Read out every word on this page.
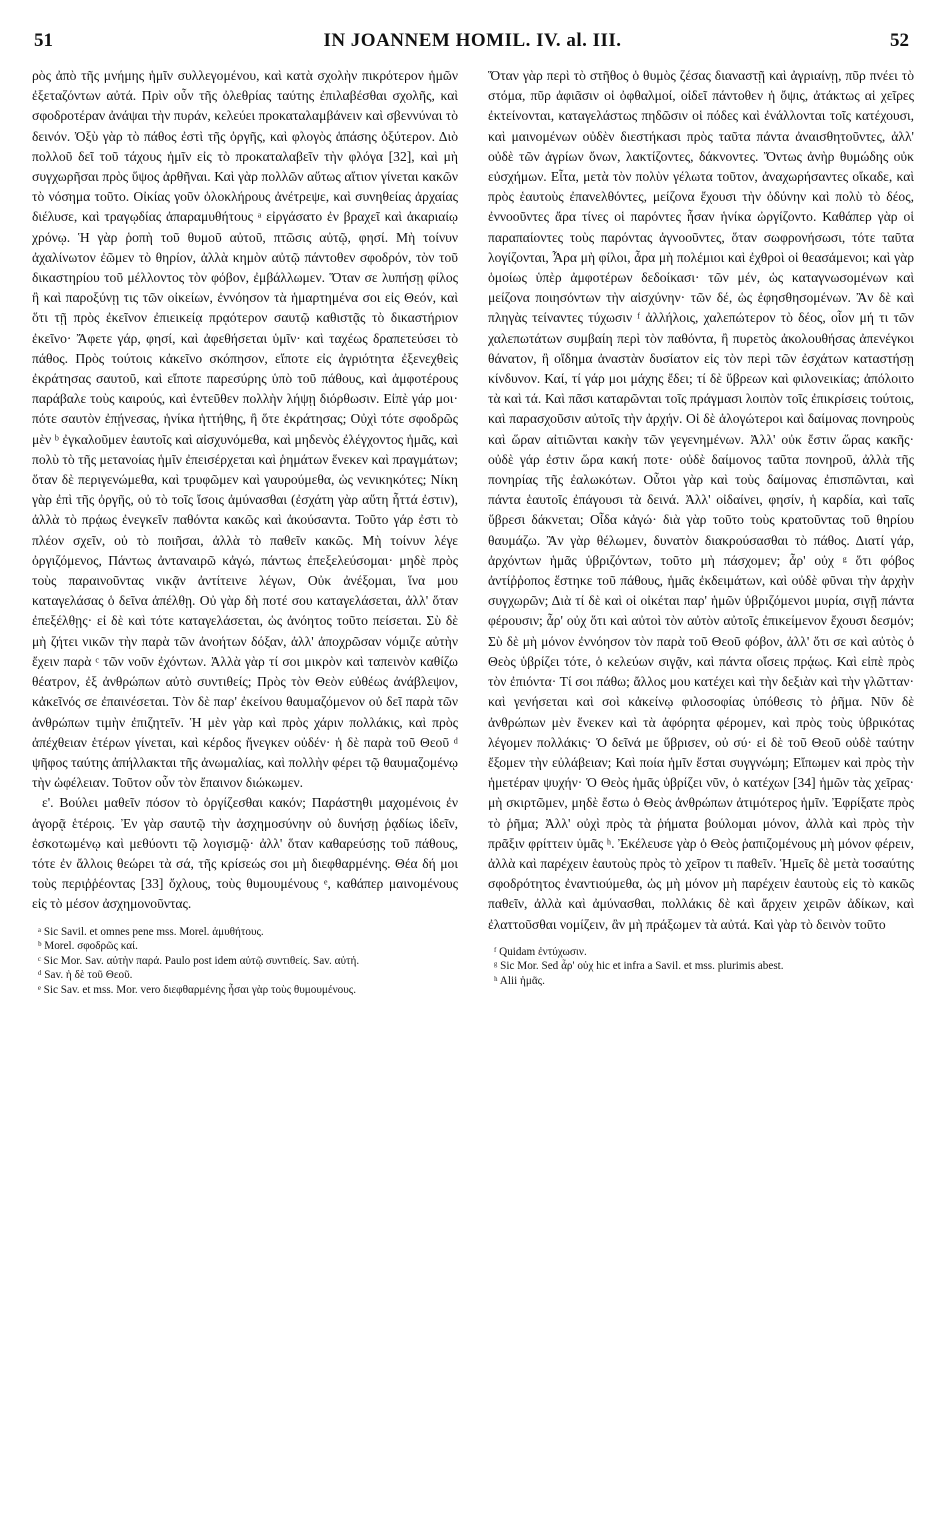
51	IN JOANNEM HOMIL. IV. al. III.	52

ρὸς ἀπὸ τῆς μνήμης ἡμῖν συλλεγομένου, καὶ κατὰ σχολὴν πικρότερον ἡμῶν ἐξεταζόντων αὐτά. Πρὶν οὖν τῆς ὀλεθρίας ταύτης ἐπιλαβέσθαι σχολῆς, καὶ σφοδροτέραν ἀνάψαι τὴν πυράν, κελεύει προκαταλαμβάνειν καὶ σβεννύναι τὸ δεινόν. Ὀξὺ γὰρ τὸ πάθος ἐστὶ τῆς ὀργῆς, καὶ φλογὸς ἁπάσης ὀξύτερον. Διὸ πολλοῦ δεῖ τοῦ τάχους ἡμῖν εἰς τὸ προκαταλαβεῖν τὴν φλόγα [32], καὶ μὴ συγχωρῆσαι πρὸς ὕψος ἀρθῆναι. Καὶ γὰρ πολλῶν αὕτως αἴτιον γίνεται κακῶν τὸ νόσημα τοῦτο. Οἰκίας γοῦν ὁλοκλήρους ἀνέτρεψε, καὶ συνηθείας ἀρχαίας διέλυσε, καὶ τραγῳδίας ἀπαραμυθήτους ᵃ εἰργάσατο ἐν βραχεῖ καὶ ἀκαριαίῳ χρόνῳ. Ἡ γὰρ ῥοπὴ τοῦ θυμοῦ αὐτοῦ, πτῶσις αὐτῷ, φησί. Μὴ τοίνυν ἀχαλίνωτον ἐῶμεν τὸ θηρίον, ἀλλὰ κημὸν αὐτῷ πάντοθεν σφοδρόν, τὸν τοῦ δικαστηρίου τοῦ μέλλοντος τὸν φόβον, ἐμβάλλωμεν. Ὅταν σε λυπήσῃ φίλος ἢ καὶ παροξύνῃ τις τῶν οἰκείων, ἐννόησον τὰ ἡμαρτημένα σοι εἰς Θεόν, καὶ ὅτι τῇ πρὸς ἐκεῖνον ἐπιεικείᾳ πρᾳότερον σαυτῷ καθιστᾷς τὸ δικαστήριον ἐκεῖνο· Ἄφετε γάρ, φησί, καὶ ἀφεθήσεται ὑμῖν· καὶ ταχέως δραπετεύσει τὸ πάθος. Πρὸς τούτοις κἀκεῖνο σκόπησον, εἴποτε εἰς ἀγριότητα ἐξενεχθεὶς ἐκράτησας σαυτοῦ, καὶ εἴποτε παρεσύρης ὑπὸ τοῦ πάθους, καὶ ἀμφοτέρους παράβαλε τοὺς καιρούς, καὶ ἐντεῦθεν πολλὴν λήψῃ διόρθωσιν. Εἰπὲ γάρ μοι· πότε σαυτὸν ἐπῄνεσας, ἡνίκα ἡττήθης, ἢ ὅτε ἐκράτησας; Οὐχὶ τότε σφοδρῶς μὲν ᵇ ἐγκαλοῦμεν ἑαυτοῖς καὶ αἰσχυνόμεθα, καὶ μηδενὸς ἐλέγχοντος ἡμᾶς, καὶ πολὺ τὸ τῆς μετανοίας ἡμῖν ἐπεισέρχεται καὶ ῥημάτων ἕνεκεν καὶ πραγμάτων; ὅταν δὲ περιγενώμεθα, καὶ τρυφῶμεν καὶ γαυρούμεθα, ὡς νενικηκότες; Νίκη γὰρ ἐπὶ τῆς ὀργῆς, οὐ τὸ τοῖς ἴσοις ἀμύνασθαι (ἐσχάτη γὰρ αὕτη ἧττά ἐστιν), ἀλλὰ τὸ πρᾴως ἐνεγκεῖν παθόντα κακῶς καὶ ἀκούσαντα. Τοῦτο γάρ ἐστι τὸ πλέον σχεῖν, οὐ τὸ ποιῆσαι, ἀλλὰ τὸ παθεῖν κακῶς. Μὴ τοίνυν λέγε ὀργιζόμενος, Πάντως ἀνταναιρῶ κἀγώ, πάντως ἐπεξελεύσομαι· μηδὲ πρὸς τοὺς παραινοῦντας νικᾷν ἀντίτεινε λέγων, Οὐκ ἀνέξομαι, ἵνα μου καταγελάσας ὁ δεῖνα ἀπέλθῃ. Οὐ γὰρ δὴ ποτέ σου καταγελάσεται, ἀλλ' ὅταν ἐπεξέλθῃς· εἰ δὲ καὶ τότε καταγελάσεται, ὡς ἀνόητος τοῦτο πείσεται. Σὺ δὲ μὴ ζήτει νικῶν τὴν παρὰ τῶν ἀνοήτων δόξαν, ἀλλ' ἀποχρῶσαν νόμιζε αὐτὴν ἔχειν παρὰ ᶜ τῶν νοῦν ἐχόντων. Ἀλλὰ γὰρ τί σοι μικρὸν καὶ ταπεινὸν καθίζω θέατρον, ἐξ ἀνθρώπων αὐτὸ συντιθείς; Πρὸς τὸν Θεὸν εὐθέως ἀνάβλεψον, κἀκεῖνός σε ἐπαινέσεται. Τὸν δὲ παρ' ἐκείνου θαυμαζόμενον οὐ δεῖ παρὰ τῶν ἀνθρώπων τιμὴν ἐπιζητεῖν. Ἡ μὲν γὰρ καὶ πρὸς χάριν πολλάκις, καὶ πρὸς ἀπέχθειαν ἑτέρων γίνεται, καὶ κέρδος ἤνεγκεν οὐδέν· ἡ δὲ παρὰ τοῦ Θεοῦ ᵈ ψῆφος ταύτης ἀπήλλακται τῆς ἀνωμαλίας, καὶ πολλὴν φέρει τῷ θαυμαζομένῳ τὴν ὠφέλειαν. Τοῦτον οὖν τὸν ἔπαινον διώκωμεν.

ε'. Βούλει μαθεῖν πόσον τὸ ὀργίζεσθαι κακόν; Παράστηθι μαχομένοις ἐν ἀγορᾷ ἑτέροις. Ἐν γὰρ σαυτῷ τὴν ἀσχημοσύνην οὐ δυνήσῃ ῥᾳδίως ἰδεῖν, ἐσκοτωμένῳ καὶ μεθύοντι τῷ λογισμῷ· ἀλλ' ὅταν καθαρεύσῃς τοῦ πάθους, τότε ἐν ἄλλοις θεώρει τὰ σά, τῆς κρίσεώς σοι μὴ διεφθαρμένης. Θέα δή μοι τοὺς περιῤῥέοντας [33] ὄχλους, τοὺς θυμουμένους ᵉ, καθάπερ μαινομένους εἰς τὸ μέσον ἀσχημονοῦντας.

ᵃ Sic Savil. et omnes pene mss. Morel. ἀμυθήτους.

ᵇ Morel. σφοδρῶς καί.

ᶜ Sic Mor. Sav. αὐτὴν παρά. Paulo post idem αὐτῷ συντιθείς. Sav. αὐτή.

ᵈ Sav. ἡ δὲ τοῦ Θεοῦ.

ᵉ Sic Sav. et mss. Mor. vero διεφθαρμένης ἦσαι γὰρ τοὺς θυμουμένους.

Ὅταν γὰρ περὶ τὸ στῆθος ὁ θυμὸς ζέσας διαναστῇ καὶ ἀγριαίνῃ, πῦρ πνέει τὸ στόμα, πῦρ ἀφιᾶσιν οἱ ὀφθαλμοί, οἰδεῖ πάντοθεν ἡ ὄψις, ἀτάκτως αἱ χεῖρες ἐκτείνονται, καταγελάστως πηδῶσιν οἱ πόδες καὶ ἐνάλλονται τοῖς κατέχουσι, καὶ μαινομένων οὐδὲν διεστήκασι πρὸς ταῦτα πάντα ἀναισθητοῦντες, ἀλλ' οὐδὲ τῶν ἀγρίων ὄνων, λακτίζοντες, δάκνοντες. Ὄντως ἀνὴρ θυμώδης οὐκ εὐσχήμων. Εἶτα, μετὰ τὸν πολὺν γέλωτα τοῦτον, ἀναχωρήσαντες οἴκαδε, καὶ πρὸς ἑαυτοὺς ἐπανελθόντες, μείζονα ἔχουσι τὴν ὀδύνην καὶ πολὺ τὸ δέος, ἐννοοῦντες ἄρα τίνες οἱ παρόντες ἦσαν ἡνίκα ὠργίζοντο. Καθάπερ γὰρ οἱ παραπαίοντες τοὺς παρόντας ἀγνοοῦντες, ὅταν σωφρονήσωσι, τότε ταῦτα λογίζονται, Ἆρα μὴ φίλοι, ἆρα μὴ πολέμιοι καὶ ἐχθροὶ οἱ θεασάμενοι; καὶ γὰρ ὁμοίως ὑπὲρ ἀμφοτέρων δεδοίκασι· τῶν μέν, ὡς καταγνωσομένων καὶ μείζονα ποιησόντων τὴν αἰσχύνην· τῶν δέ, ὡς ἐφησθησομένων. Ἂν δὲ καὶ πληγὰς τείναντες τύχωσιν ᶠ ἀλλήλοις, χαλεπώτερον τὸ δέος, οἷον μή τι τῶν χαλεπωτάτων συμβαίη περὶ τὸν παθόντα, ἢ πυρετὸς ἀκολουθήσας ἀπενέγκοι θάνατον, ἢ οἴδημα ἀναστὰν δυσίατον εἰς τὸν περὶ τῶν ἐσχάτων καταστήσῃ κίνδυνον. Καί, τί γάρ μοι μάχης ἔδει; τί δὲ ὕβρεων καὶ φιλονεικίας; ἀπόλοιτο τὰ καὶ τά. Καὶ πᾶσι καταρῶνται τοῖς πράγμασι λοιπὸν τοῖς ἐπικρίσεις τούτοις, καὶ παρασχοῦσιν αὐτοῖς τὴν ἀρχήν. Οἱ δὲ ἀλογώτεροι καὶ δαίμονας πονηροὺς καὶ ὥραν αἰτιῶνται κακὴν τῶν γεγενημένων. Ἀλλ' οὐκ ἔστιν ὥρας κακῆς· οὐδὲ γάρ ἐστιν ὥρα κακή ποτε· οὐδὲ δαίμονος ταῦτα πονηροῦ, ἀλλὰ τῆς πονηρίας τῆς ἐαλωκότων. Οὗτοι γὰρ καὶ τοὺς δαίμονας ἐπισπῶνται, καὶ πάντα ἑαυτοῖς ἐπάγουσι τὰ δεινά. Ἀλλ' οἰδαίνει, φησίν, ἡ καρδία, καὶ ταῖς ὕβρεσι δάκνεται; Οἶδα κἀγώ· διὰ γὰρ τοῦτο τοὺς κρατοῦντας τοῦ θηρίου θαυμάζω. Ἂν γὰρ θέλωμεν, δυνατὸν διακρούσασθαι τὸ πάθος. Διατί γάρ, ἀρχόντων ἡμᾶς ὑβριζόντων, τοῦτο μὴ πάσχομεν; ἆρ' οὐχ ᵍ ὅτι φόβος ἀντίῤῥοπος ἕστηκε τοῦ πάθους, ἡμᾶς ἐκδειμάτων, καὶ οὐδὲ φῦναι τὴν ἀρχὴν συγχωρῶν; Διὰ τί δὲ καὶ οἱ οἰκέται παρ' ἡμῶν ὑβριζόμενοι μυρία, σιγῇ πάντα φέρουσιν; ἆρ' οὐχ ὅτι καὶ αὐτοὶ τὸν αὐτὸν αὐτοῖς ἐπικείμενον ἔχουσι δεσμόν; Σὺ δὲ μὴ μόνον ἐννόησον τὸν παρὰ τοῦ Θεοῦ φόβον, ἀλλ' ὅτι σε καὶ αὐτὸς ὁ Θεὸς ὑβρίζει τότε, ὁ κελεύων σιγᾷν, καὶ πάντα οἴσεις πρᾴως. Καὶ εἰπὲ πρὸς τὸν ἐπιόντα· Τί σοι πάθω; ἄλλος μου κατέχει καὶ τὴν δεξιὰν καὶ τὴν γλῶτταν· καὶ γενήσεται καὶ σοὶ κἀκείνῳ φιλοσοφίας ὑπόθεσις τὸ ῥῆμα. Νῦν δὲ ἀνθρώπων μὲν ἕνεκεν καὶ τὰ ἀφόρητα φέρομεν, καὶ πρὸς τοὺς ὑβρικότας λέγομεν πολλάκις· Ὁ δεῖνά με ὕβρισεν, οὐ σύ· εἰ δὲ τοῦ Θεοῦ οὐδὲ ταύτην ἔξομεν τὴν εὐλάβειαν; Καὶ ποία ἡμῖν ἔσται συγγνώμη; Εἴπωμεν καὶ πρὸς τὴν ἡμετέραν ψυχήν· Ὁ Θεὸς ἡμᾶς ὑβρίζει νῦν, ὁ κατέχων [34] ἡμῶν τὰς χεῖρας· μὴ σκιρτῶμεν, μηδὲ ἔστω ὁ Θεὸς ἀνθρώπων ἀτιμότερος ἡμῖν. Ἐφρίξατε πρὸς τὸ ῥῆμα; Ἀλλ' οὐχὶ πρὸς τὰ ῥήματα βούλομαι μόνον, ἀλλὰ καὶ πρὸς τὴν πρᾶξιν φρίττειν ὑμᾶς ʰ. Ἐκέλευσε γὰρ ὁ Θεὸς ῥαπιζομένους μὴ μόνον φέρειν, ἀλλὰ καὶ παρέχειν ἑαυτοὺς πρὸς τὸ χεῖρον τι παθεῖν. Ἡμεῖς δὲ μετὰ τοσαύτης σφοδρότητος ἐναντιούμεθα, ὡς μὴ μόνον μὴ παρέχειν ἑαυτοὺς εἰς τὸ κακῶς παθεῖν, ἀλλὰ καὶ ἀμύνασθαι, πολλάκις δὲ καὶ ἄρχειν χειρῶν ἀδίκων, καὶ ἐλαττοῦσθαι νομίζειν, ἂν μὴ πράξωμεν τὰ αὐτά. Καὶ γὰρ τὸ δεινὸν τοῦτο

ᶠ Quidam ἐντύχωσιν.

ᵍ Sic Mor. Sed ἆρ' οὐχ hic et infra a Savil. et mss. plurimis abest.

ʰ Alii ἡμᾶς.
